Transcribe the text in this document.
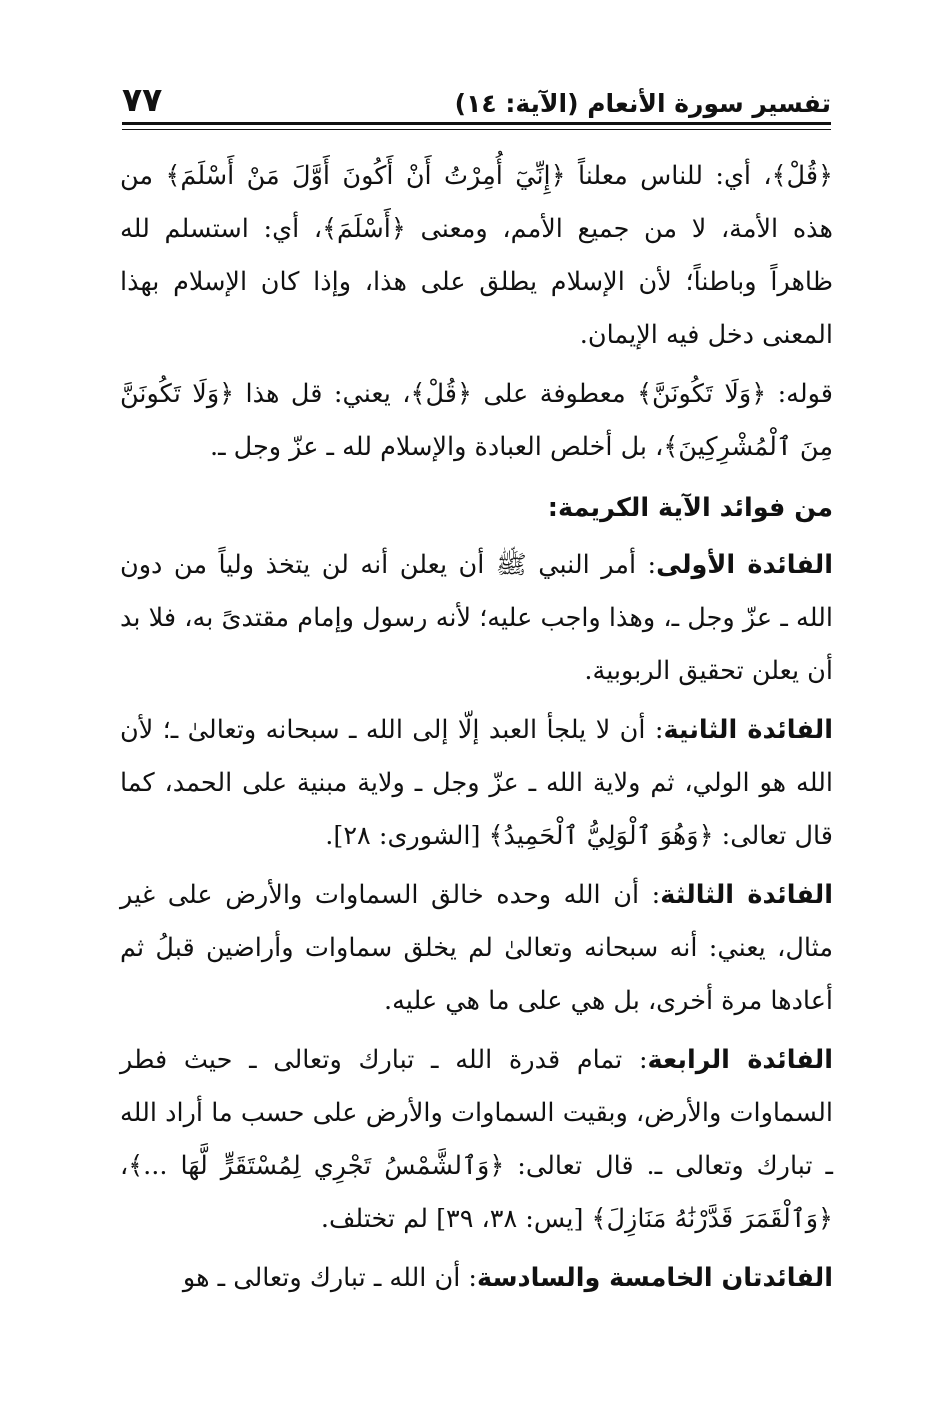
تفسير سورة الأنعام (الآية: ١٤)
٧٧

﴿قُلْ﴾، أي: للناس معلناً ﴿إِنِّيٓ أُمِرْتُ أَنْ أَكُونَ أَوَّلَ مَنْ أَسْلَمَ﴾ من هذه الأمة، لا من جميع الأمم، ومعنى ﴿أَسْلَمَ﴾، أي: استسلم لله ظاهراً وباطناً؛ لأن الإسلام يطلق على هذا، وإذا كان الإسلام بهذا المعنى دخل فيه الإيمان.

قوله: ﴿وَلَا تَكُونَنَّ﴾ معطوفة على ﴿قُلْ﴾، يعني: قل هذا ﴿وَلَا تَكُونَنَّ مِنَ ٱلْمُشْرِكِينَ﴾، بل أخلص العبادة والإسلام لله ـ عزّ وجل ـ.

من فوائد الآية الكريمة:

الفائدة الأولى: أمر النبي ﷺ أن يعلن أنه لن يتخذ ولياً من دون الله ـ عزّ وجل ـ، وهذا واجب عليه؛ لأنه رسول وإمام مقتدىً به، فلا بد أن يعلن تحقيق الربوبية.

الفائدة الثانية: أن لا يلجأ العبد إلّا إلى الله ـ سبحانه وتعالىٰ ـ؛ لأن الله هو الولي، ثم ولاية الله ـ عزّ وجل ـ ولاية مبنية على الحمد، كما قال تعالى: ﴿وَهُوَ ٱلْوَلِيُّ ٱلْحَمِيدُ﴾ [الشورى: ٢٨].

الفائدة الثالثة: أن الله وحده خالق السماوات والأرض على غير مثال، يعني: أنه سبحانه وتعالىٰ لم يخلق سماوات وأراضين قبلُ ثم أعادها مرة أخرى، بل هي على ما هي عليه.

الفائدة الرابعة: تمام قدرة الله ـ تبارك وتعالى ـ حيث فطر السماوات والأرض، وبقيت السماوات والأرض على حسب ما أراد الله ـ تبارك وتعالى ـ. قال تعالى: ﴿وَٱلشَّمْسُ تَجْرِي لِمُسْتَقَرٍّ لَّهَا ...﴾، ﴿وَٱلْقَمَرَ قَدَّرْنَٰهُ مَنَازِلَ﴾ [يس: ٣٨، ٣٩] لم تختلف.

الفائدتان الخامسة والسادسة: أن الله ـ تبارك وتعالى ـ هو
